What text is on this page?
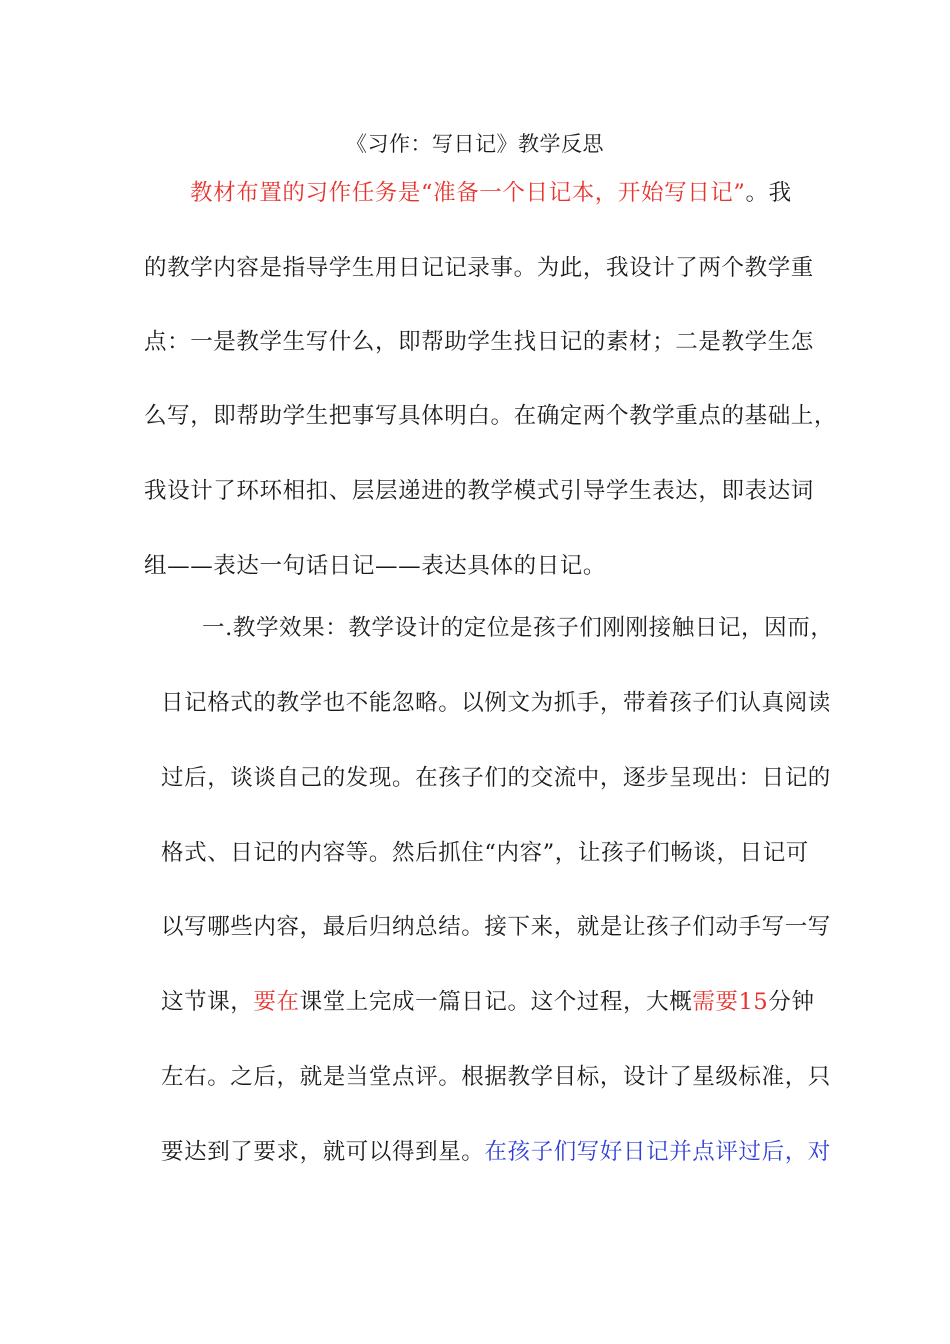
《习作：写日记》教学反思
教材布置的习作任务是“准备一个日记本，开始写日记”。我
的教学内容是指导学生用日记记录事。为此，我设计了两个教学重
点：一是教学生写什么，即帮助学生找日记的素材；二是教学生怎
么写，即帮助学生把事写具体明白。在确定两个教学重点的基础上，
我设计了环环相扣、层层递进的教学模式引导学生表达，即表达词
组——表达一句话日记——表达具体的日记。
一.教学效果：教学设计的定位是孩子们刚刚接触日记，因而，
日记格式的教学也不能忽略。以例文为抓手，带着孩子们认真阅读
过后，谈谈自己的发现。在孩子们的交流中，逐步呈现出：日记的
格式、日记的内容等。然后抓住“内容”，让孩子们畅谈，日记可
以写哪些内容，最后归纳总结。接下来，就是让孩子们动手写一写
这节课，要在课堂上完成一篇日记。这个过程，大概需要15分钟
左右。之后，就是当堂点评。根据教学目标，设计了星级标准，只
要达到了要求，就可以得到星。在孩子们写好日记并点评过后，对
